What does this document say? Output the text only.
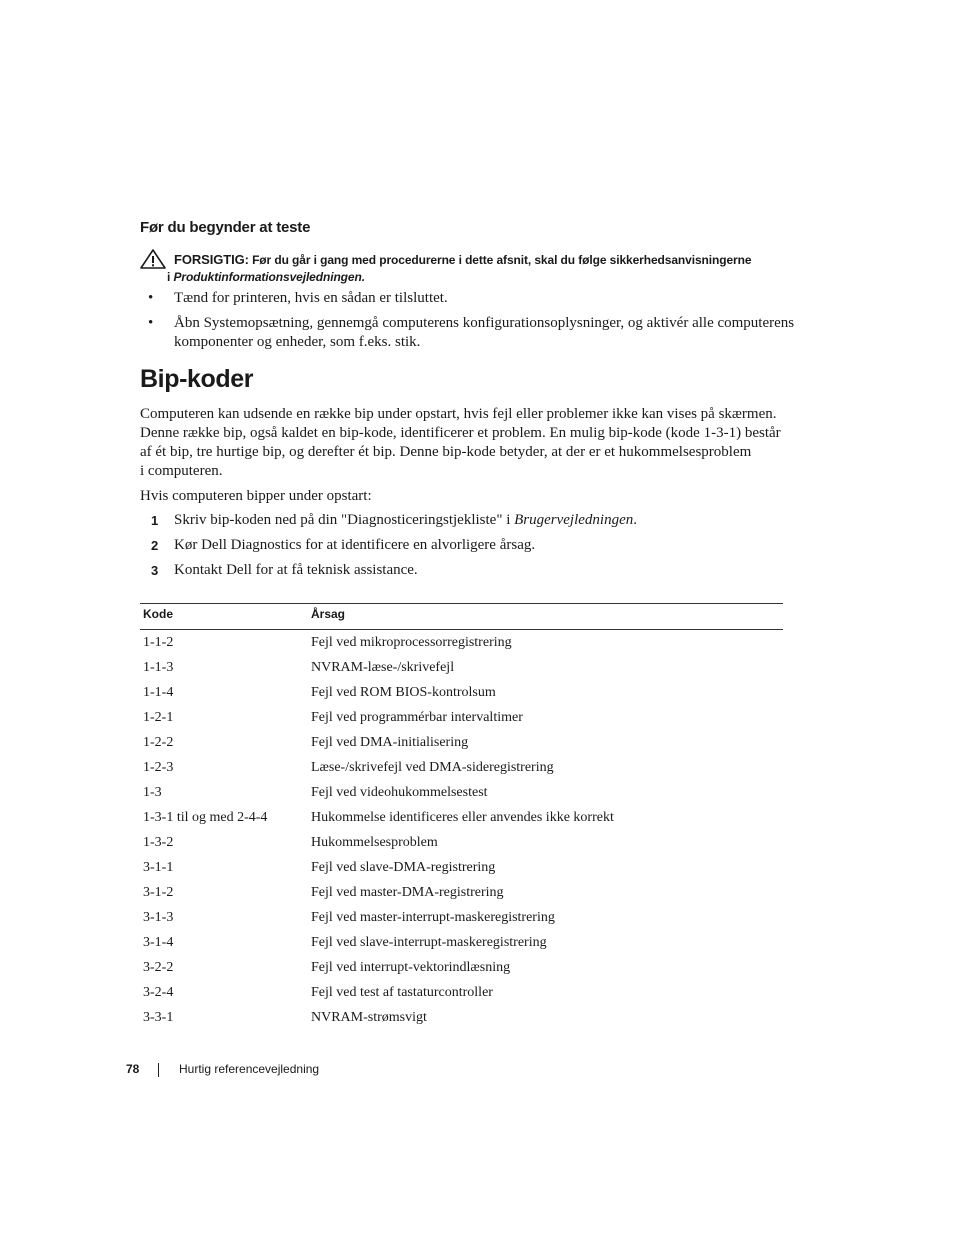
Før du begynder at teste
FORSIGTIG: Før du går i gang med procedurerne i dette afsnit, skal du følge sikkerhedsanvisningerne
i Produktinformationsvejledningen.
• Tænd for printeren, hvis en sådan er tilsluttet.
• Åbn Systemopsætning, gennemgå computerens konfigurationsoplysninger, og aktivér alle computerens komponenter og enheder, som f.eks. stik.
Bip-koder
Computeren kan udsende en række bip under opstart, hvis fejl eller problemer ikke kan vises på skærmen.
Denne række bip, også kaldet en bip-kode, identificerer et problem. En mulig bip-kode (kode 1-3-1) består
af ét bip, tre hurtige bip, og derefter ét bip. Denne bip-kode betyder, at der er et hukommelsesproblem
i computeren.
Hvis computeren bipper under opstart:
1 Skriv bip-koden ned på din "Diagnosticeringstjekliste" i Brugervejledningen.
2 Kør Dell Diagnostics for at identificere en alvorligere årsag.
3 Kontakt Dell for at få teknisk assistance.
Kode	Årsag
1-1-2	Fejl ved mikroprocessorregistrering
1-1-3	NVRAM-læse-/skrivefejl
1-1-4	Fejl ved ROM BIOS-kontrolsum
1-2-1	Fejl ved programmérbar intervaltimer
1-2-2	Fejl ved DMA-initialisering
1-2-3	Læse-/skrivefejl ved DMA-sideregistrering
1-3	Fejl ved videohukommelsestest
1-3-1 til og med 2-4-4	Hukommelse identificeres eller anvendes ikke korrekt
1-3-2	Hukommelsesproblem
3-1-1	Fejl ved slave-DMA-registrering
3-1-2	Fejl ved master-DMA-registrering
3-1-3	Fejl ved master-interrupt-maskeregistrering
3-1-4	Fejl ved slave-interrupt-maskeregistrering
3-2-2	Fejl ved interrupt-vektorindlæsning
3-2-4	Fejl ved test af tastaturcontroller
3-3-1	NVRAM-strømsvigt
78	Hurtig referencevejledning
